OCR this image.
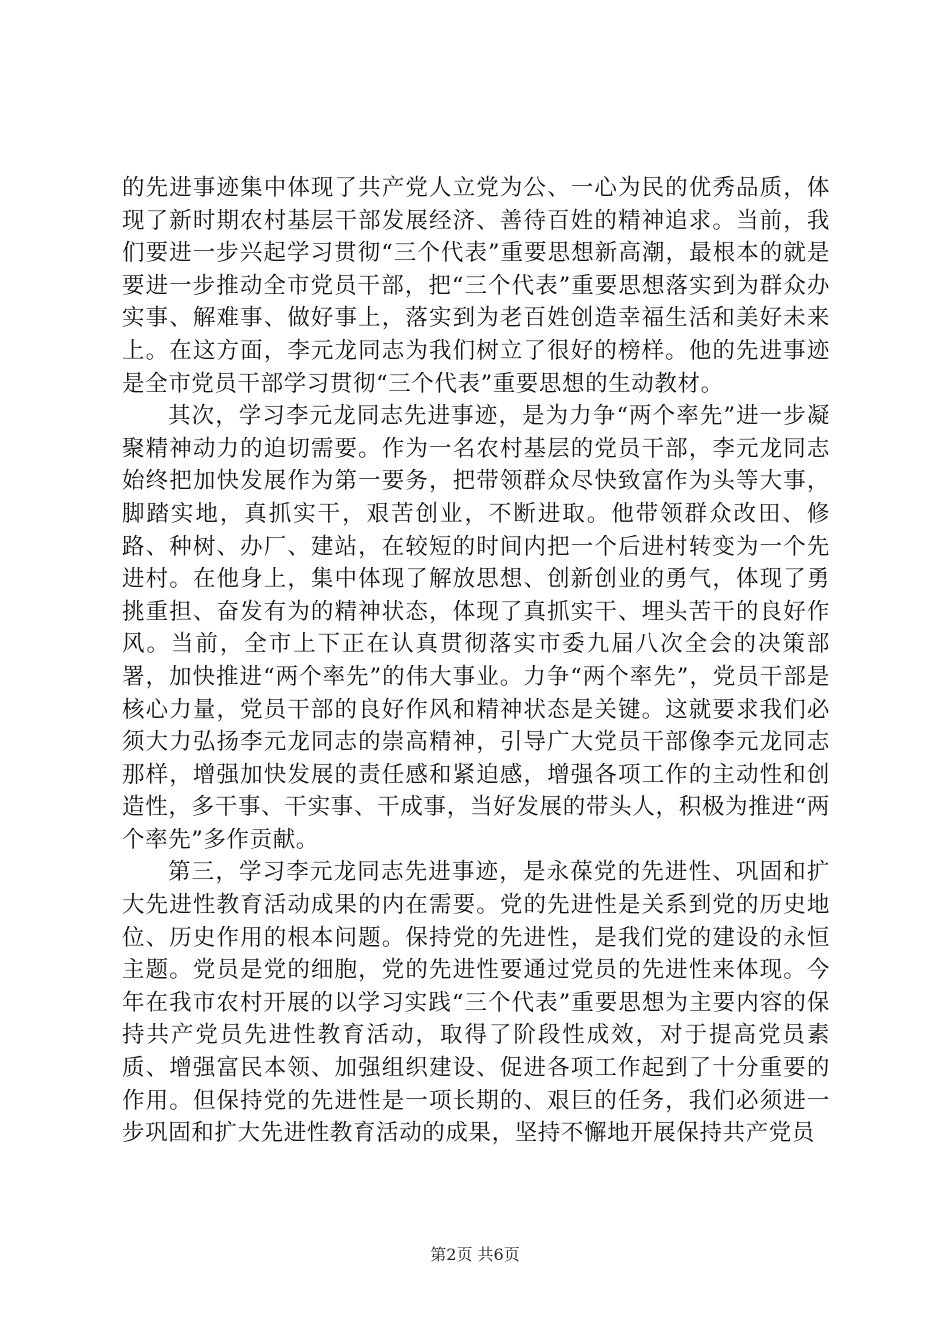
的先进事迹集中体现了共产党人立党为公、一心为民的优秀品质，体现了新时期农村基层干部发展经济、善待百姓的精神追求。当前，我们要进一步兴起学习贯彻“三个代表”重要思想新高潮，最根本的就是要进一步推动全市党员干部，把“三个代表”重要思想落实到为群众办实事、解难事、做好事上，落实到为老百姓创造幸福生活和美好未来上。在这方面，李元龙同志为我们树立了很好的榜样。他的先进事迹是全市党员干部学习贯彻“三个代表”重要思想的生动教材。

其次，学习李元龙同志先进事迹，是为力争“两个率先”进一步凝聚精神动力的迫切需要。作为一名农村基层的党员干部，李元龙同志始终把加快发展作为第一要务，把带领群众尽快致富作为头等大事，脚踏实地，真抓实干，艰苦创业，不断进取。他带领群众改田、修路、种树、办厂、建站，在较短的时间内把一个后进村转变为一个先进村。在他身上，集中体现了解放思想、创新创业的勇气，体现了勇挑重担、奋发有为的精神状态，体现了真抓实干、埋头苦干的良好作风。当前，全市上下正在认真贯彻落实市委九届八次全会的决策部署，加快推进“两个率先”的伟大事业。力争“两个率先”，党员干部是核心力量，党员干部的良好作风和精神状态是关键。这就要求我们必须大力弘扬李元龙同志的崇高精神，引导广大党员干部像李元龙同志那样，增强加快发展的责任感和紧迫感，增强各项工作的主动性和创造性，多干事、干实事、干成事，当好发展的带头人，积极为推进“两个率先”多作贡献。

第三，学习李元龙同志先进事迹，是永葆党的先进性、巩固和扩大先进性教育活动成果的内在需要。党的先进性是关系到党的历史地位、历史作用的根本问题。保持党的先进性，是我们党的建设的永恒主题。党员是党的细胞，党的先进性要通过党员的先进性来体现。今年在我市农村开展的以学习实践“三个代表”重要思想为主要内容的保持共产党员先进性教育活动，取得了阶段性成效，对于提高党员素质、增强富民本领、加强组织建设、促进各项工作起到了十分重要的作用。但保持党的先进性是一项长期的、艰巨的任务，我们必须进一步巩固和扩大先进性教育活动的成果，坚持不懈地开展保持共产党员

第2页 共6页
